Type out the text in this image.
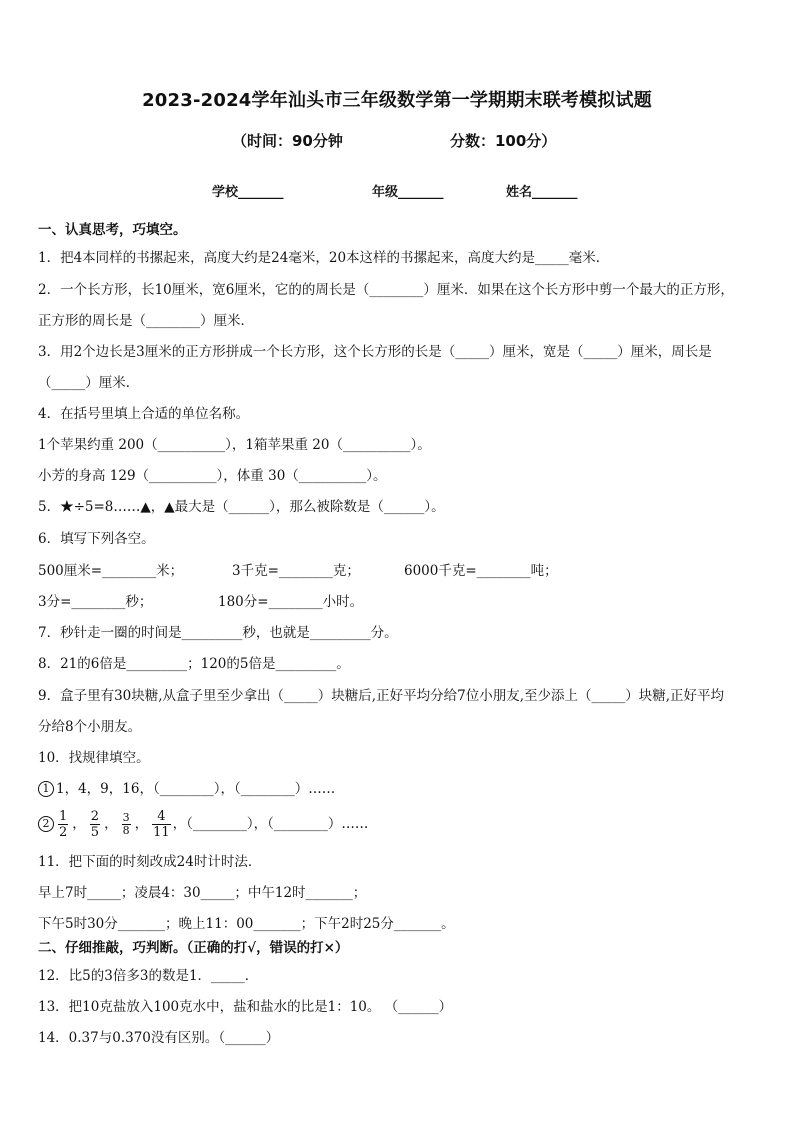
2023-2024学年汕头市三年级数学第一学期期末联考模拟试题
（时间：90分钟	分数：100分）
学校_______	年级_______	姓名_______
一、认真思考，巧填空。
1．把4本同样的书摞起来，高度大约是24毫米，20本这样的书摞起来，高度大约是_____毫米．
2．一个长方形，长10厘米，宽6厘米，它的的周长是（________）厘米．如果在这个长方形中剪一个最大的正方形，
正方形的周长是（________）厘米．
3．用2个边长是3厘米的正方形拼成一个长方形，这个长方形的长是（_____）厘米，宽是（_____）厘米，周长是
（_____）厘米．
4．在括号里填上合适的单位名称。
1个苹果约重 200（__________），1箱苹果重 20（__________）。
小芳的身高 129（__________），体重 30（__________）。
5．★÷5=8……▲，▲最大是（______），那么被除数是（______）。
6．填写下列各空。
500厘米=________米；	3千克=________克；	6000千克=________吨；
3分=________秒；	180分=________小时。
7．秒针走一圈的时间是_________秒，也就是_________分。
8．21的6倍是_________；120的5倍是_________。
9．盒子里有30块糖,从盒子里至少拿出（_____）块糖后,正好平均分给7位小朋友,至少添上（_____）块糖,正好平均
分给8个小朋友。
10．找规律填空。
1 1，4，9，16，（________），（________）……
$2 \frac{1}{2}$ ， $\frac{2}{5}$ ， $\frac{3}{8}$ ， $\frac{4}{11}$ ，（________），（________）……
11．把下面的时刻改成24时计时法．
早上7时_____；凌晨4：30_____；中午12时_______；
下午5时30分_______；晚上11：00_______；下午2时25分_______。
二、仔细推敲，巧判断。（正确的打√，错误的打×）
12．比5的3倍多3的数是1．_____．
13．把10克盐放入100克水中，盐和盐水的比是1：10。 （______）
14．0.37与0.370没有区别。（______）
